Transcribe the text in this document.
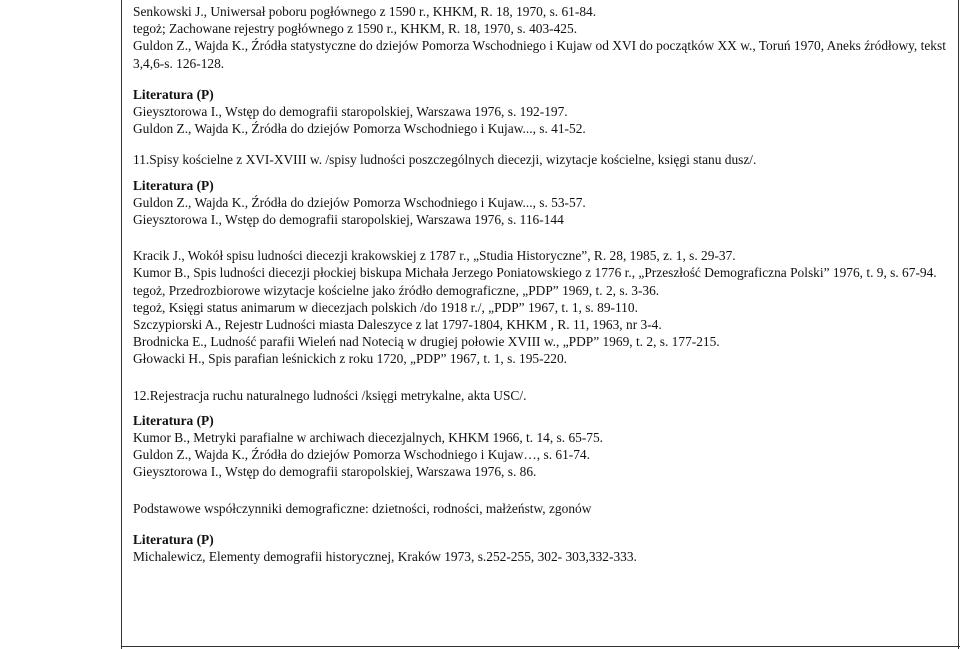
Senkowski J., Uniwersał poboru pogłównego z 1590 r., KHKM, R. 18, 1970, s. 61-84.
tegoż; Zachowane rejestry pogłównego z 1590 r., KHKM, R. 18, 1970, s. 403-425.
Guldon Z., Wajda K., Źródła statystyczne do dziejów Pomorza Wschodniego i Kujaw od XVI do początków XX w., Toruń 1970, Aneks źródłowy, tekst 3,4,6-s. 126-128.
Literatura (P)
Gieysztorowa I., Wstęp do demografii staropolskiej, Warszawa 1976, s. 192-197.
Guldon Z., Wajda K., Źródła do dziejów Pomorza Wschodniego i Kujaw..., s. 41-52.
11.Spisy kościelne z XVI-XVIII w. /spisy ludności poszczególnych diecezji, wizytacje kościelne, księgi stanu dusz/.
Literatura (P)
Guldon Z., Wajda K., Źródła do dziejów Pomorza Wschodniego i Kujaw..., s. 53-57.
Gieysztorowa I., Wstęp do demografii staropolskiej, Warszawa 1976, s. 116-144
Kracik J., Wokół spisu ludności diecezji krakowskiej z 1787 r., „Studia Historyczne”, R. 28, 1985, z. 1, s. 29-37.
Kumor B., Spis ludności diecezji płockiej biskupa Michała Jerzego Poniatowskiego z 1776 r., „Przeszłość Demograficzna Polski” 1976, t. 9, s. 67-94.
tegoż, Przedrozbiorowe wizytacje kościelne jako źródło demograficzne, „PDP” 1969, t. 2, s. 3-36.
tegoż, Księgi status animarum w diecezjach polskich /do 1918 r./, „PDP” 1967, t. 1, s. 89-110.
Szczypiorski A., Rejestr Ludności miasta Daleszyce z lat 1797-1804, KHKM , R. 11, 1963, nr 3-4.
Brodnicka E., Ludność parafii Wieleń nad Notecią w drugiej połowie XVIII w., „PDP” 1969, t. 2, s. 177-215.
Głowacki H., Spis parafian leśnickich z roku 1720, „PDP” 1967, t. 1, s. 195-220.
12.Rejestracja ruchu naturalnego ludności /księgi metrykalne, akta USC/.
Literatura (P)
Kumor B., Metryki parafialne w archiwach diecezjalnych, KHKM 1966, t. 14, s. 65-75.
Guldon Z., Wajda K., Źródła do dziejów Pomorza Wschodniego i Kujaw…, s. 61-74.
Gieysztorowa I., Wstęp do demografii staropolskiej, Warszawa 1976, s. 86.
Podstawowe współczynniki demograficzne: dzietności, rodności, małżeństw, zgonów
Literatura (P)
Michalewicz, Elementy demografii historycznej, Kraków 1973, s.252-255, 302- 303,332-333.
